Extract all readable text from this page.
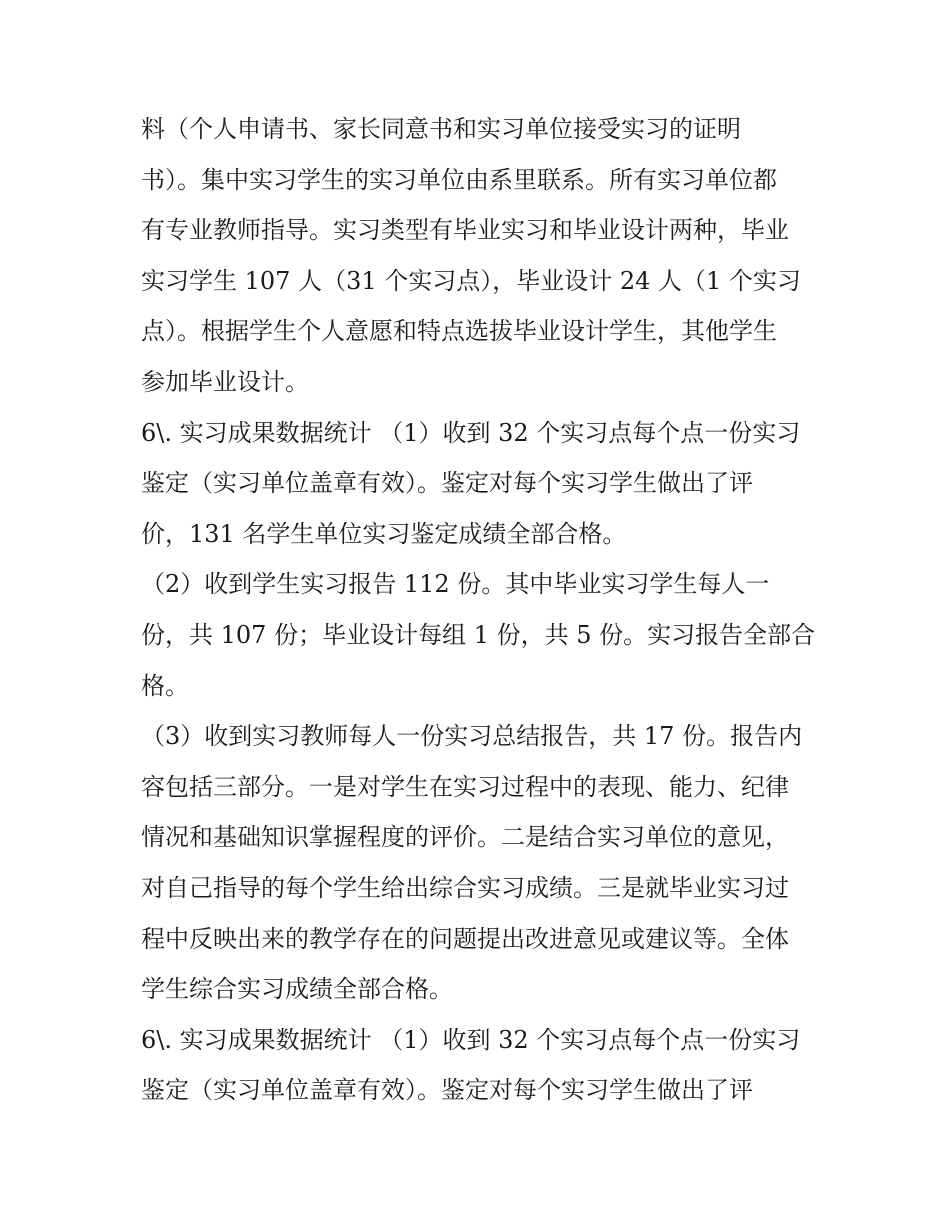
料（个人申请书、家长同意书和实习单位接受实习的证明
书）。集中实习学生的实习单位由系里联系。所有实习单位都
有专业教师指导。实习类型有毕业实习和毕业设计两种，毕业
实习学生 107 人（31 个实习点），毕业设计 24 人（1 个实习
点）。根据学生个人意愿和特点选拔毕业设计学生，其他学生
参加毕业设计。
6\. 实习成果数据统计 （1）收到 32 个实习点每个点一份实习
鉴定（实习单位盖章有效）。鉴定对每个实习学生做出了评
价，131 名学生单位实习鉴定成绩全部合格。
（2）收到学生实习报告 112 份。其中毕业实习学生每人一
份，共 107 份；毕业设计每组 1 份，共 5 份。实习报告全部合
格。
（3）收到实习教师每人一份实习总结报告，共 17 份。报告内
容包括三部分。一是对学生在实习过程中的表现、能力、纪律
情况和基础知识掌握程度的评价。二是结合实习单位的意见，
对自己指导的每个学生给出综合实习成绩。三是就毕业实习过
程中反映出来的教学存在的问题提出改进意见或建议等。全体
学生综合实习成绩全部合格。
6\. 实习成果数据统计 （1）收到 32 个实习点每个点一份实习
鉴定（实习单位盖章有效）。鉴定对每个实习学生做出了评
